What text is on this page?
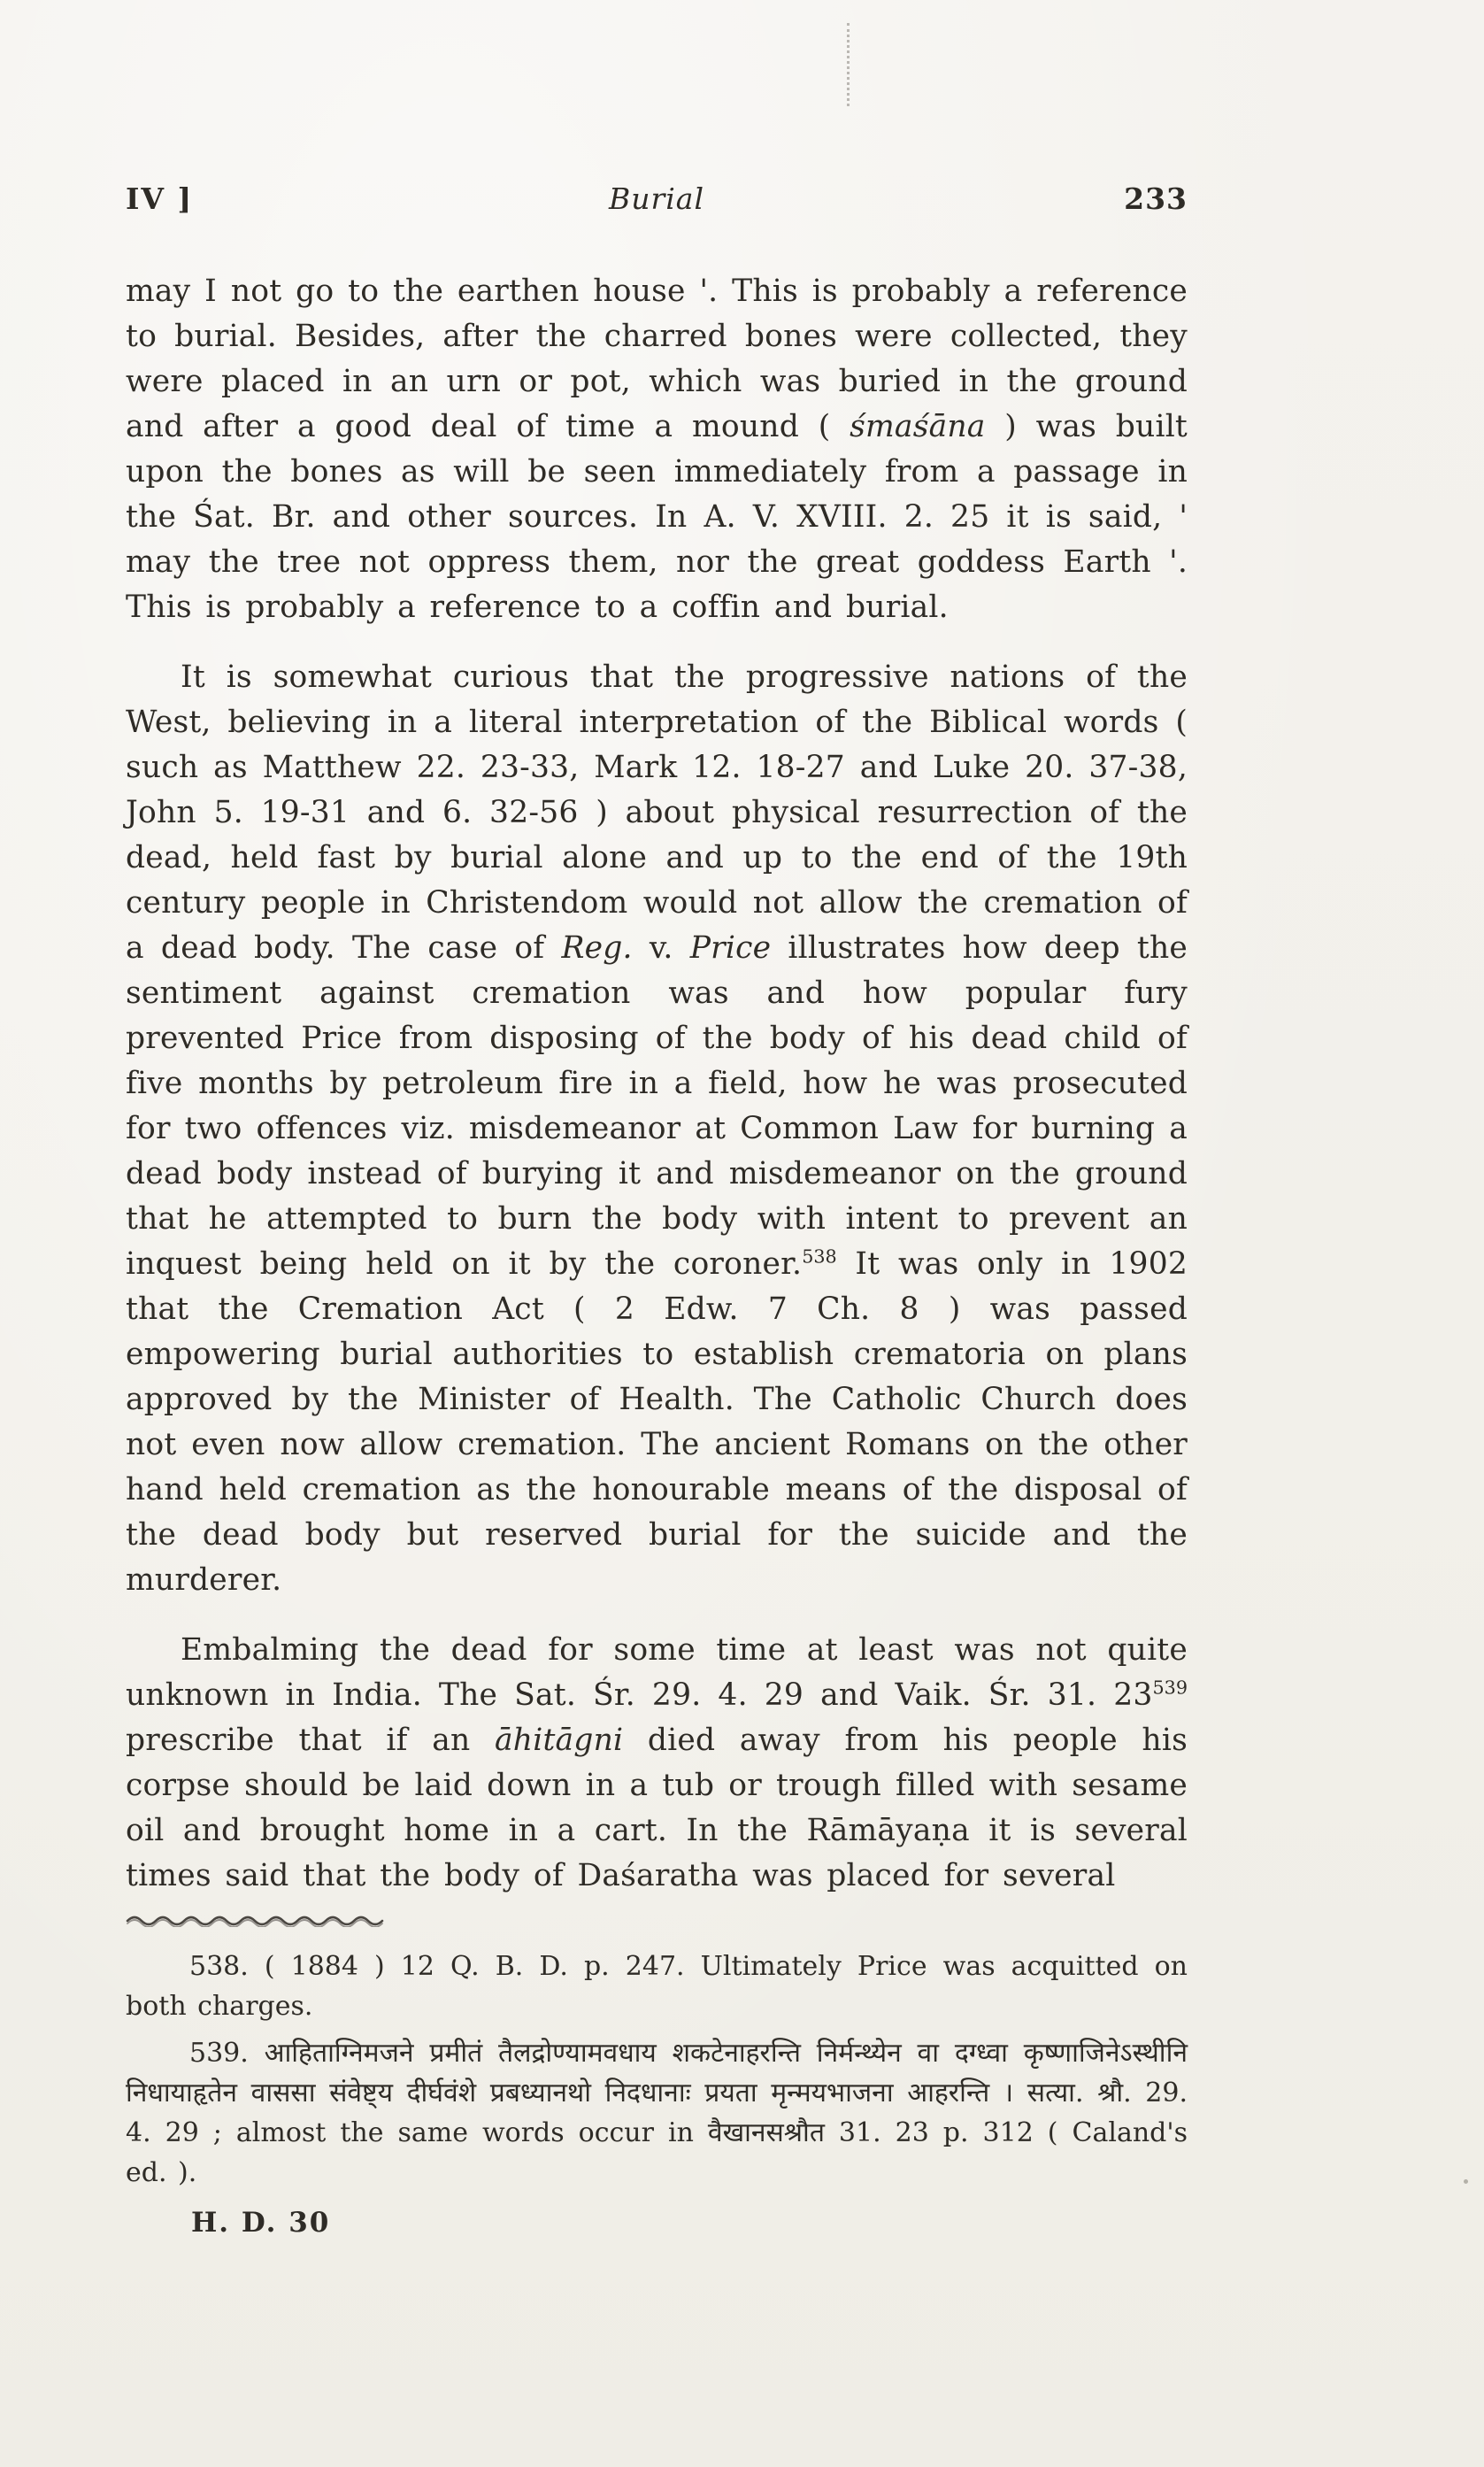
IV ]	Burial	233

may I not go to the earthen house '. This is probably a reference to burial. Besides, after the charred bones were collected, they were placed in an urn or pot, which was buried in the ground and after a good deal of time a mound ( śmaśāna ) was built upon the bones as will be seen immediately from a passage in the Śat. Br. and other sources. In A. V. XVIII. 2. 25 it is said, ' may the tree not oppress them, nor the great goddess Earth '. This is probably a reference to a coffin and burial.

It is somewhat curious that the progressive nations of the West, believing in a literal interpretation of the Biblical words ( such as Matthew 22. 23-33, Mark 12. 18-27 and Luke 20. 37-38, John 5. 19-31 and 6. 32-56 ) about physical resurrection of the dead, held fast by burial alone and up to the end of the 19th century people in Christendom would not allow the cremation of a dead body. The case of Reg. v. Price illustrates how deep the sentiment against cremation was and how popular fury prevented Price from disposing of the body of his dead child of five months by petroleum fire in a field, how he was prosecuted for two offences viz. misdemeanor at Common Law for burning a dead body instead of burying it and misdemeanor on the ground that he attempted to burn the body with intent to prevent an inquest being held on it by the coroner.$^{538}$ It was only in 1902 that the Cremation Act ( 2 Edw. 7 Ch. 8 ) was passed empowering burial authorities to establish crematoria on plans approved by the Minister of Health. The Catholic Church does not even now allow cremation. The ancient Romans on the other hand held cremation as the honourable means of the disposal of the dead body but reserved burial for the suicide and the murderer.

Embalming the dead for some time at least was not quite unknown in India. The Sat. Śr. 29. 4. 29 and Vaik. Śr. 31. $23^{539}$ prescribe that if an āhitāgni died away from his people his corpse should be laid down in a tub or trough filled with sesame oil and brought home in a cart. In the Rāmāyaṇa it is several times said that the body of Daśaratha was placed for several

538. ( 1884 ) 12 Q. B. D. p. 247. Ultimately Price was acquitted on both charges.

539. आहिताग्निमजने प्रमीतं तैलद्रोण्यामवधाय शकटेनाहरन्ति निर्मन्थ्येन वा दग्ध्वा कृष्णाजिनेऽस्थीनि निधायाहृतेन वाससा संवेष्ट्य दीर्घवंशे प्रबध्यानथो निदधानाः प्रयता मृन्मयभाजना आहरन्ति । सत्या. श्रौ. 29. 4. 29 ; almost the same words occur in वैखानसश्रौत 31. 23 p. 312 ( Caland's ed. ).

H. D. 30
